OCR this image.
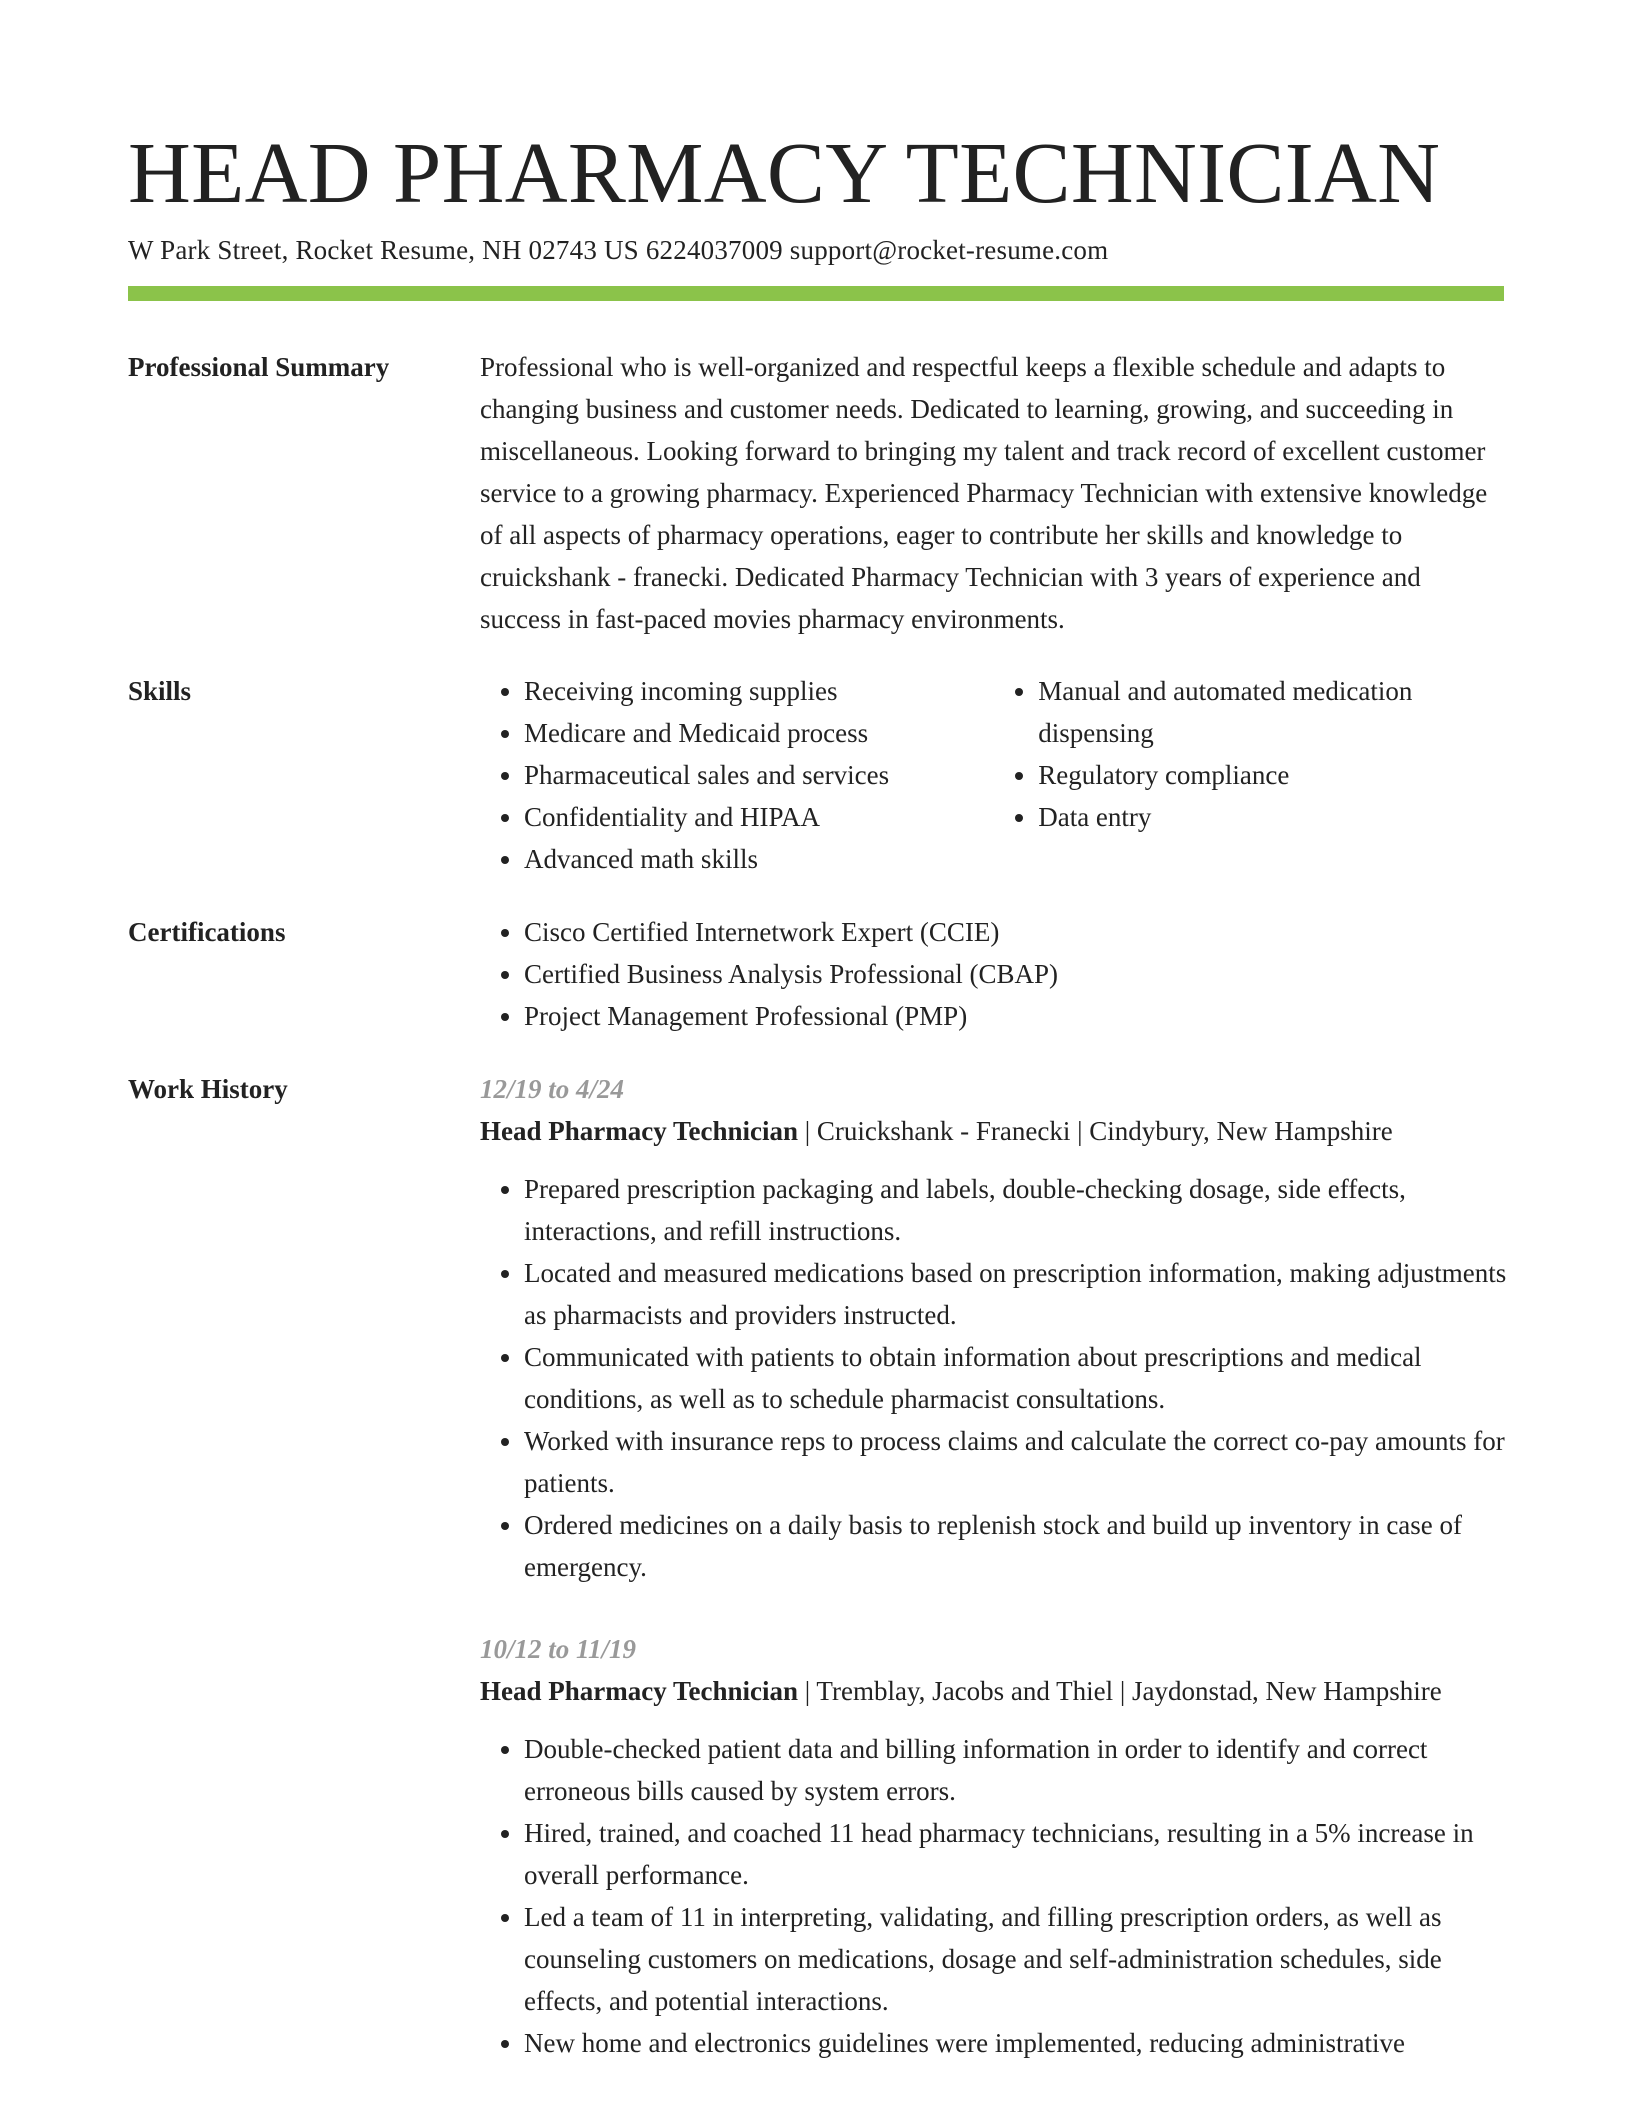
HEAD PHARMACY TECHNICIAN
W Park Street, Rocket Resume, NH 02743 US 6224037009 support@rocket-resume.com
Professional Summary	Professional who is well-organized and respectful keeps a flexible schedule and adapts to changing business and customer needs. Dedicated to learning, growing, and succeeding in miscellaneous. Looking forward to bringing my talent and track record of excellent customer service to a growing pharmacy. Experienced Pharmacy Technician with extensive knowledge of all aspects of pharmacy operations, eager to contribute her skills and knowledge to cruickshank - franecki. Dedicated Pharmacy Technician with 3 years of experience and success in fast-paced movies pharmacy environments.

Skills	• Receiving incoming supplies
• Medicare and Medicaid process
• Pharmaceutical sales and services
• Confidentiality and HIPAA
• Advanced math skills
• Manual and automated medication dispensing
• Regulatory compliance
• Data entry
Certifications	• Cisco Certified Internetwork Expert (CCIE)
• Certified Business Analysis Professional (CBAP)
• Project Management Professional (PMP)
Work History	12/19 to 4/24

Head Pharmacy Technician | Cruickshank - Franecki | Cindybury, New Hampshire

• Prepared prescription packaging and labels, double-checking dosage, side effects, interactions, and refill instructions.
• Located and measured medications based on prescription information, making adjustments as pharmacists and providers instructed.
• Communicated with patients to obtain information about prescriptions and medical conditions, as well as to schedule pharmacist consultations.
• Worked with insurance reps to process claims and calculate the correct co-pay amounts for patients.
• Ordered medicines on a daily basis to replenish stock and build up inventory in case of emergency.
10/12 to 11/19

Head Pharmacy Technician | Tremblay, Jacobs and Thiel | Jaydonstad, New Hampshire

• Double-checked patient data and billing information in order to identify and correct erroneous bills caused by system errors.
• Hired, trained, and coached 11 head pharmacy technicians, resulting in a 5% increase in overall performance.
• Led a team of 11 in interpreting, validating, and filling prescription orders, as well as counseling customers on medications, dosage and self-administration schedules, side effects, and potential interactions.
• New home and electronics guidelines were implemented, reducing administrative
